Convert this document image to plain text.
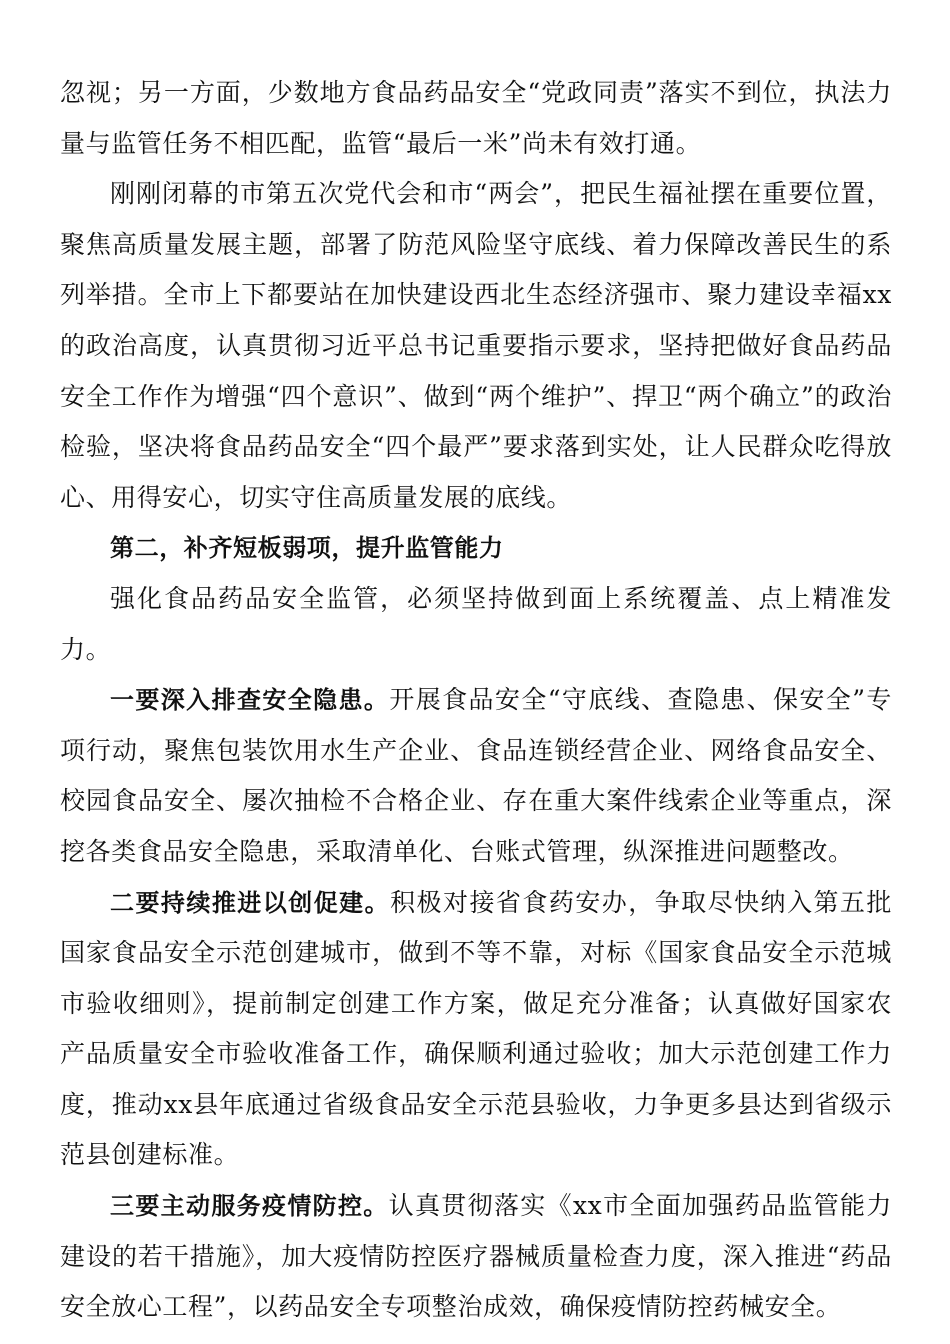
忽视；另一方面，少数地方食品药品安全“党政同责”落实不到位，执法力量与监管任务不相匹配，监管“最后一米”尚未有效打通。

刚刚闭幕的市第五次党代会和市“两会”，把民生福祉摆在重要位置，聚焦高质量发展主题，部署了防范风险坚守底线、着力保障改善民生的系列举措。全市上下都要站在加快建设西北生态经济强市、聚力建设幸福xx的政治高度，认真贯彻习近平总书记重要指示要求，坚持把做好食品药品安全工作作为增强“四个意识”、做到“两个维护”、捍卫“两个确立”的政治检验，坚决将食品药品安全“四个最严”要求落到实处，让人民群众吃得放心、用得安心，切实守住高质量发展的底线。

第二，补齐短板弱项，提升监管能力

强化食品药品安全监管，必须坚持做到面上系统覆盖、点上精准发力。

一要深入排查安全隐患。开展食品安全“守底线、查隐患、保安全”专项行动，聚焦包装饮用水生产企业、食品连锁经营企业、网络食品安全、校园食品安全、屡次抽检不合格企业、存在重大案件线索企业等重点，深挖各类食品安全隐患，采取清单化、台账式管理，纵深推进问题整改。

二要持续推进以创促建。积极对接省食药安办，争取尽快纳入第五批国家食品安全示范创建城市，做到不等不靠，对标《国家食品安全示范城市验收细则》，提前制定创建工作方案，做足充分准备；认真做好国家农产品质量安全市验收准备工作，确保顺利通过验收；加大示范创建工作力度，推动xx县年底通过省级食品安全示范县验收，力争更多县达到省级示范县创建标准。

三要主动服务疫情防控。认真贯彻落实《xx市全面加强药品监管能力建设的若干措施》，加大疫情防控医疗器械质量检查力度，深入推进“药品安全放心工程”，以药品安全专项整治成效，确保疫情防控药械安全。
